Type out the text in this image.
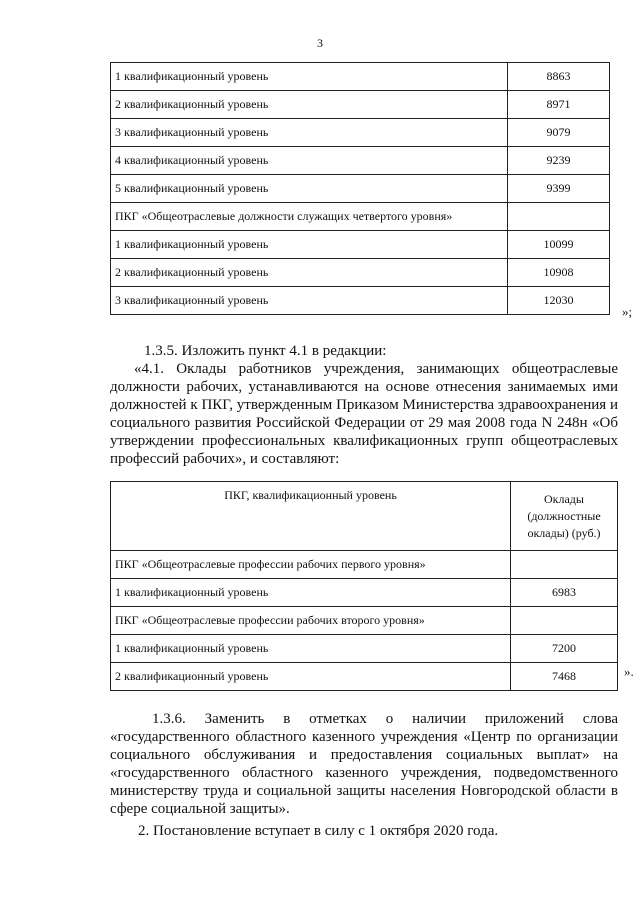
3
1 квалификационный уровень	8863
2 квалификационный уровень	8971
3 квалификационный уровень	9079
4 квалификационный уровень	9239
5 квалификационный уровень	9399
ПКГ «Общеотраслевые должности служащих четвертого уровня»	
1 квалификационный уровень	10099
2 квалификационный уровень	10908
3 квалификационный уровень	12030
»;

1.3.5. Изложить пункт 4.1 в редакции:

«4.1. Оклады работников учреждения, занимающих общеотраслевые должности рабочих, устанавливаются на основе отнесения занимаемых ими должностей к ПКГ, утвержденным Приказом Министерства здравоохранения и социального развития Российской Федерации от 29 мая 2008 года N 248н «Об утверждении профессиональных квалификационных групп общеотраслевых профессий рабочих», и составляют:

ПКГ, квалификационный уровень	Оклады
(должностные
оклады) (руб.)

ПКГ «Общеотраслевые профессии рабочих первого уровня»	
1 квалификационный уровень	6983
ПКГ «Общеотраслевые профессии рабочих второго уровня»	
1 квалификационный уровень	7200
2 квалификационный уровень	7468	».

1.3.6. Заменить в отметках о наличии приложений слова «государственного областного казенного учреждения «Центр по организации социального обслуживания и предоставления социальных выплат» на «государственного областного казенного учреждения, подведомственного министерству труда и социальной защиты населения Новгородской области в сфере социальной защиты».

2. Постановление вступает в силу с 1 октября 2020 года.
